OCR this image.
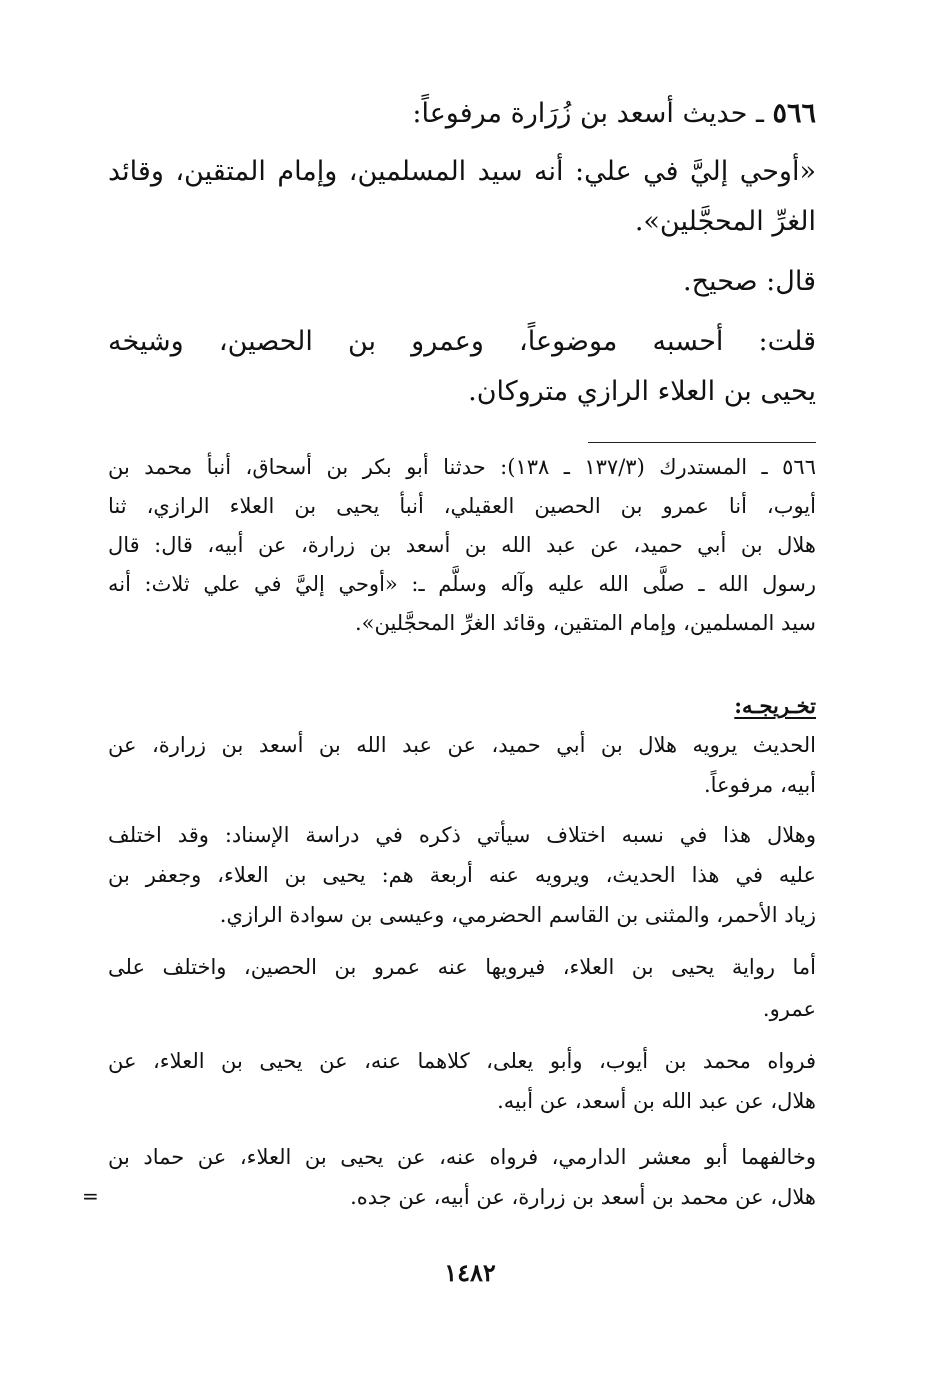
٥٦٦ ـ حديث أسعد بن زُرَارة مرفوعاً:
«أوحي إليَّ في علي: أنه سيد المسلمين، وإمام المتقين، وقائد
الغرِّ المحجَّلين».
قال: صحيح.
قلت: أحسبه موضوعاً، وعمرو بن الحصين، وشيخه
يحيى بن العلاء الرازي متروكان.
٥٦٦ ـ المستدرك (١٣٧/٣ ـ ١٣٨): حدثنا أبو بكر بن أسحاق، أنبأ محمد بن
أيوب، أنا عمرو بن الحصين العقيلي، أنبأ يحيى بن العلاء الرازي، ثنا
هلال بن أبي حميد، عن عبد الله بن أسعد بن زرارة، عن أبيه، قال: قال
رسول الله ـ صلَّى الله عليه وآله وسلَّم ـ: «أوحي إليَّ في علي ثلاث: أنه
سيد المسلمين، وإمام المتقين، وقائد الغرِّ المحجَّلين».
تخـريجـه:
الحديث يرويه هلال بن أبي حميد، عن عبد الله بن أسعد بن زرارة، عن
أبيه، مرفوعاً.
وهلال هذا في نسبه اختلاف سيأتي ذكره في دراسة الإسناد: وقد اختلف
عليه في هذا الحديث، ويرويه عنه أربعة هم: يحيى بن العلاء، وجعفر بن
زياد الأحمر، والمثنى بن القاسم الحضرمي، وعيسى بن سوادة الرازي.
أما رواية يحيى بن العلاء، فيرويها عنه عمرو بن الحصين، واختلف على
عمرو.
فرواه محمد بن أيوب، وأبو يعلى، كلاهما عنه، عن يحيى بن العلاء، عن
هلال، عن عبد الله بن أسعد، عن أبيه.
وخالفهما أبو معشر الدارمي، فرواه عنه، عن يحيى بن العلاء، عن حماد بن
هلال، عن محمد بن أسعد بن زرارة، عن أبيه، عن جده.
=
١٤٨٢
